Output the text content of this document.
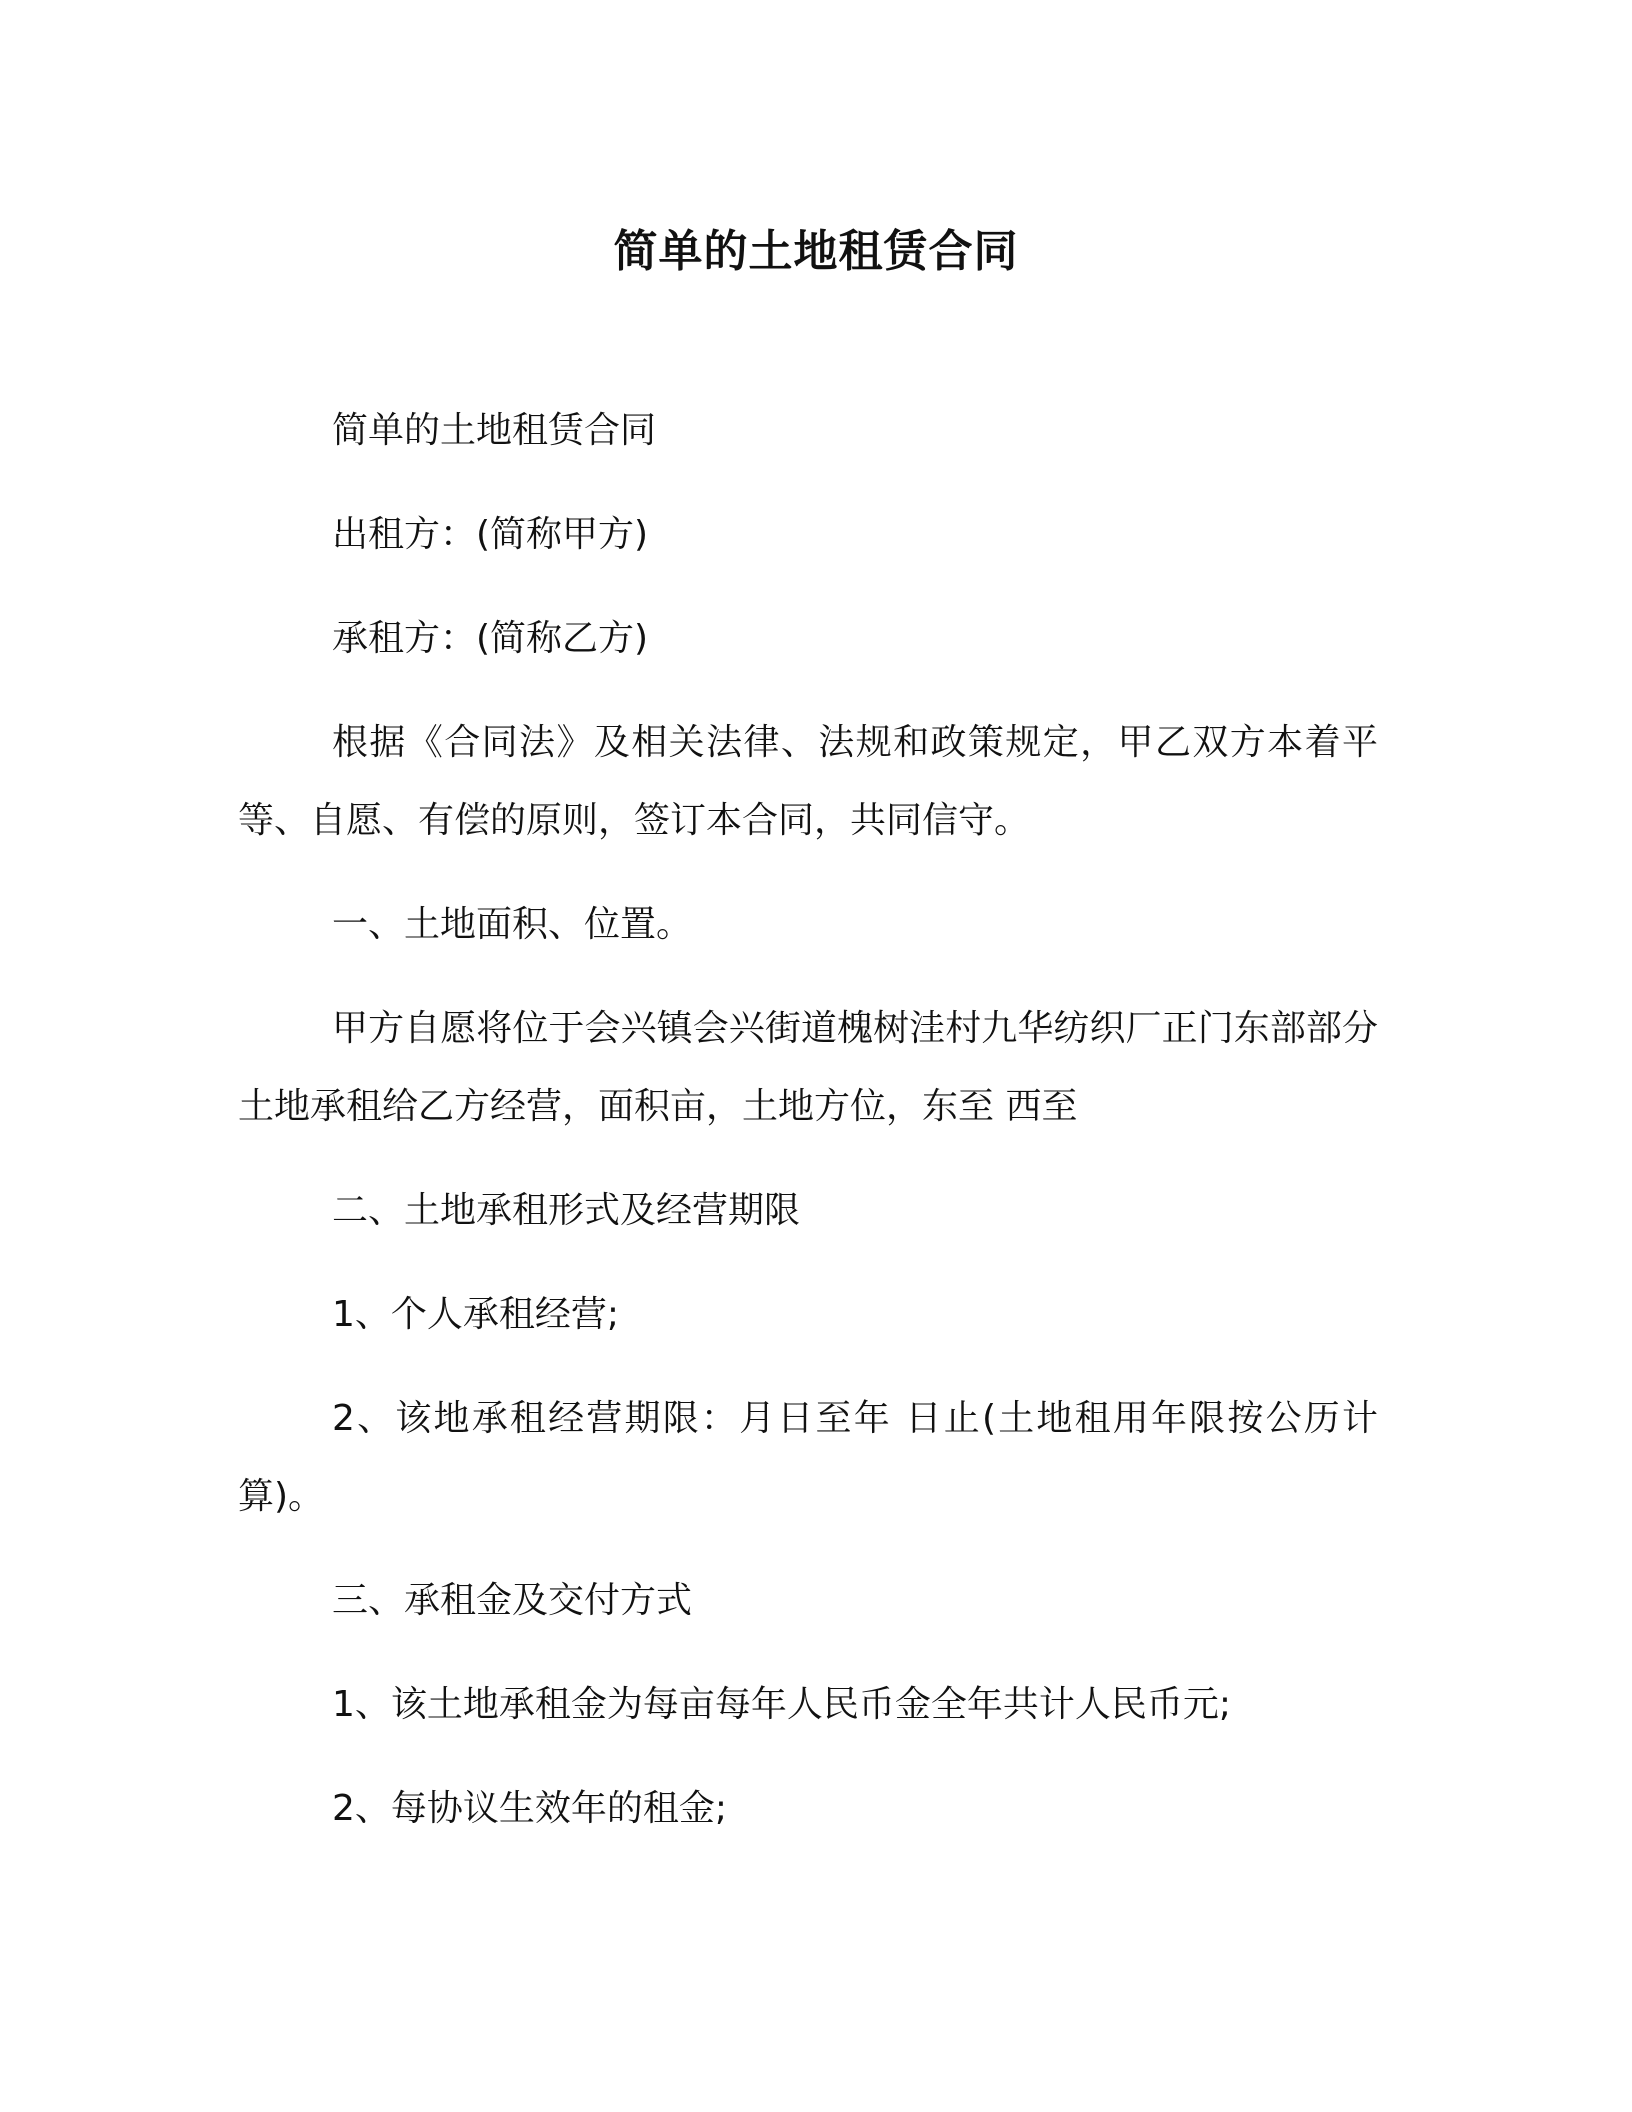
简单的土地租赁合同

简单的土地租赁合同

出租方：(简称甲方)

承租方：(简称乙方)

根据《合同法》及相关法律、法规和政策规定，甲乙双方本着平等、自愿、有偿的原则，签订本合同，共同信守。

一、土地面积、位置。

甲方自愿将位于会兴镇会兴街道槐树洼村九华纺织厂正门东部部分土地承租给乙方经营，面积亩，土地方位，东至 西至

二、土地承租形式及经营期限

1、个人承租经营;

2、该地承租经营期限：月日至年 日止(土地租用年限按公历计算)。

三、承租金及交付方式

1、该土地承租金为每亩每年人民币金全年共计人民币元;

2、每协议生效年的租金;
